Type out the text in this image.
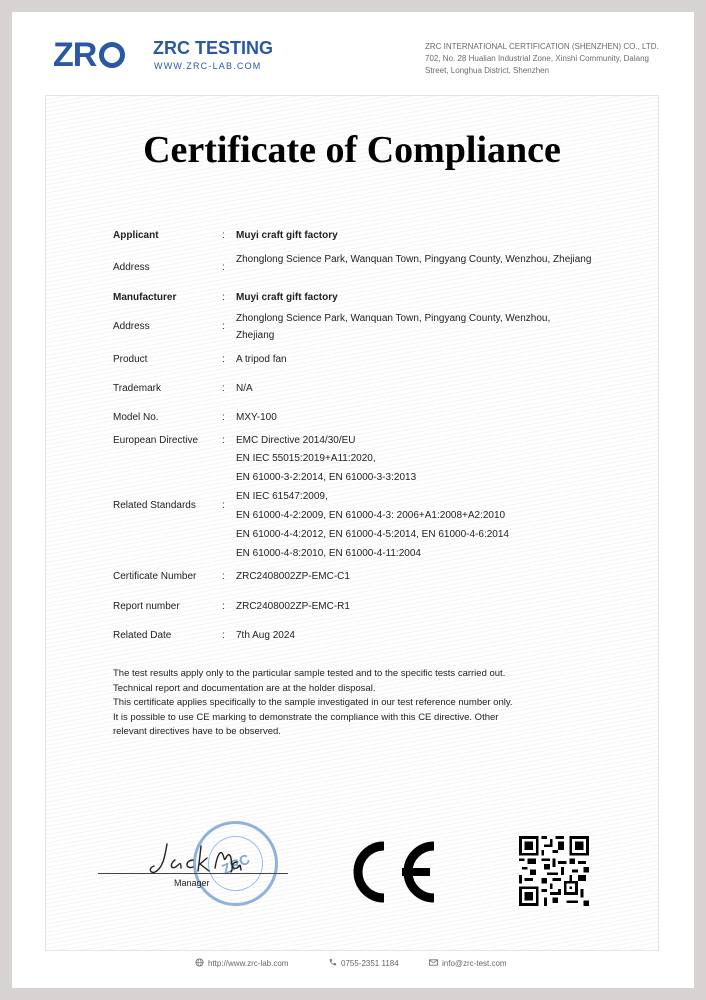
ZR	ZRC TESTING
WWW.ZRC-LAB.COM
ZRC INTERNATIONAL CERTIFICATION (SHENZHEN) CO., LTD.
702, No. 28 Hualian Industrial Zone, Xinshi Community, Dalang
Street, Longhua District, Shenzhen
Certificate of Compliance
Applicant	: Muyi craft gift factory
Address	:
Zhonglong Science Park, Wanquan Town, Pingyang County, Wenzhou, Zhejiang
Manufacturer	: Muyi craft gift factory
Address	:
Zhonglong Science Park, Wanquan Town, Pingyang County, Wenzhou, Zhejiang
Product	: A tripod fan
Trademark	: N/A
Model No.	: MXY-100
European Directive : EMC Directive 2014/30/EU
Related Standards	:
EN IEC 55015:2019+A11:2020,
EN 61000-3-2:2014, EN 61000-3-3:2013
EN IEC 61547:2009,
EN 61000-4-2:2009, EN 61000-4-3: 2006+A1:2008+A2:2010
EN 61000-4-4:2012, EN 61000-4-5:2014, EN 61000-4-6:2014
EN 61000-4-8:2010, EN 61000-4-11:2004
Certificate Number	: ZRC2408002ZP-EMC-C1
Report number	: ZRC2408002ZP-EMC-R1
Related Date	: 7th Aug 2024
The test results apply only to the particular sample tested and to the specific tests carried out.
Technical report and documentation are at the holder disposal.
This certificate applies specifically to the sample investigated in our test reference number only.
It is possible to use CE marking to demonstrate the compliance with this CE directive. Other
relevant directives have to be observed.
ZRC
Manager
http://www.zrc-lab.com	0755-2351 1184	info@zrc-test.com
